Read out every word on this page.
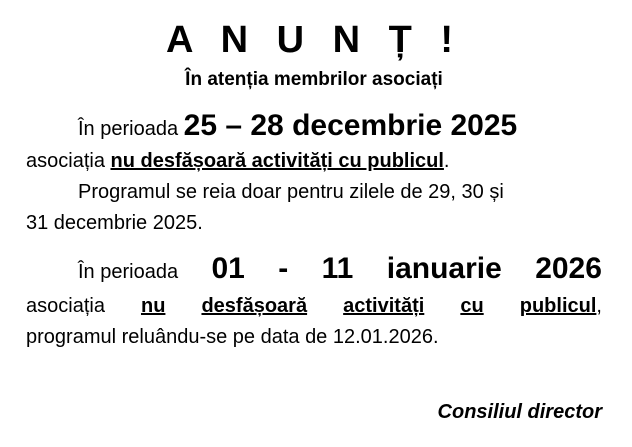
A N U N Ț !
În atenția membrilor asociați
În perioada 25 – 28 decembrie 2025
asociația nu desfășoară activități cu publicul.
Programul se reia doar pentru zilele de 29, 30 și
31 decembrie 2025.
În perioada 01 - 11 ianuarie 2026
asociația nu desfășoară activități cu publicul,
programul reluându-se pe data de 12.01.2026.
Consiliul director
